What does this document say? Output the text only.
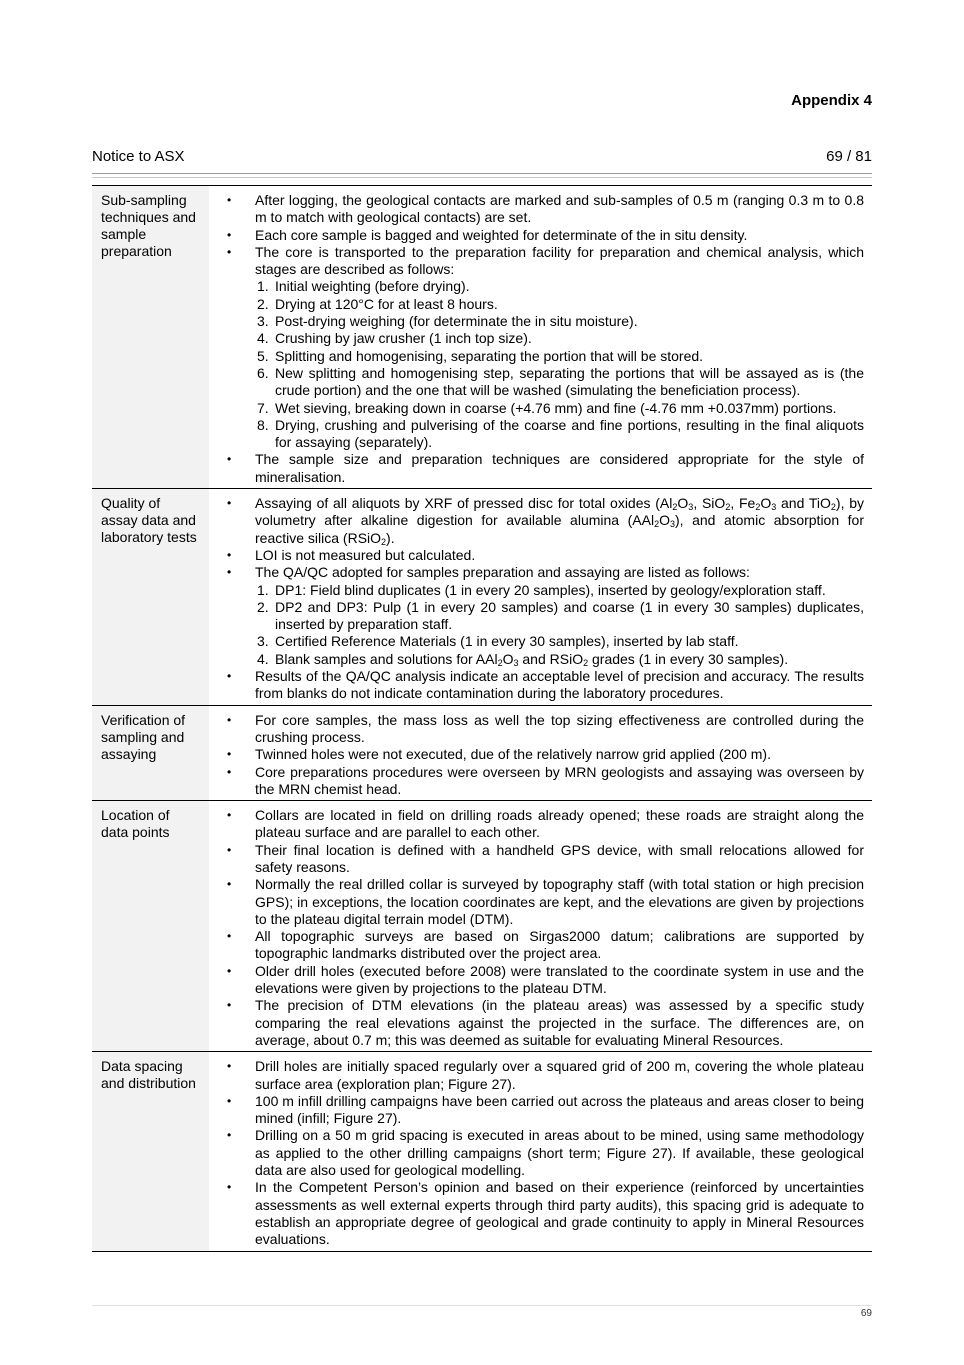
Appendix 4
Notice to ASX	69 / 81
Sub-sampling
techniques and
sample
preparation
• After logging, the geological contacts are marked and sub-samples of 0.5 m (ranging 0.3 m to 0.8 m to match with geological contacts) are set.
• Each core sample is bagged and weighted for determinate of the in situ density.
• The core is transported to the preparation facility for preparation and chemical analysis, which stages are described as follows:
1. Initial weighting (before drying).
2. Drying at 120°C for at least 8 hours.
3. Post-drying weighing (for determinate the in situ moisture).
4. Crushing by jaw crusher (1 inch top size).
5. Splitting and homogenising, separating the portion that will be stored.
6. New splitting and homogenising step, separating the portions that will be assayed as is (the crude portion) and the one that will be washed (simulating the beneficiation process).
7. Wet sieving, breaking down in coarse (+4.76 mm) and fine (-4.76 mm +0.037mm) portions.
8. Drying, crushing and pulverising of the coarse and fine portions, resulting in the final aliquots for assaying (separately).
• The sample size and preparation techniques are considered appropriate for the style of mineralisation.
Quality of
assay data and
laboratory tests
• Assaying of all aliquots by XRF of pressed disc for total oxides ($Al_2O_3$, SiO$_2$, $Fe_2O_3$ and TiO$_2$), by volumetry after alkaline digestion for available alumina $(AAl_2O_3)$, and atomic absorption for reactive silica (RSiO$_2$).
• LOI is not measured but calculated.
• The QA/QC adopted for samples preparation and assaying are listed as follows:
1. DP1: Field blind duplicates (1 in every 20 samples), inserted by geology/exploration staff.
2. DP2 and DP3: Pulp (1 in every 20 samples) and coarse (1 in every 30 samples) duplicates, inserted by preparation staff.
3. Certified Reference Materials (1 in every 30 samples), inserted by lab staff.
4. Blank samples and solutions for $AAl_2O_3$ and RSiO$_2$ grades (1 in every 30 samples).
• Results of the QA/QC analysis indicate an acceptable level of precision and accuracy. The results from blanks do not indicate contamination during the laboratory procedures.
Verification of
sampling and
assaying
• For core samples, the mass loss as well the top sizing effectiveness are controlled during the crushing process.
• Twinned holes were not executed, due of the relatively narrow grid applied (200 m).
• Core preparations procedures were overseen by MRN geologists and assaying was overseen by the MRN chemist head.
Location of
data points
• Collars are located in field on drilling roads already opened; these roads are straight along the plateau surface and are parallel to each other.
• Their final location is defined with a handheld GPS device, with small relocations allowed for safety reasons.
• Normally the real drilled collar is surveyed by topography staff (with total station or high precision GPS); in exceptions, the location coordinates are kept, and the elevations are given by projections to the plateau digital terrain model (DTM).
• All topographic surveys are based on Sirgas2000 datum; calibrations are supported by topographic landmarks distributed over the project area.
• Older drill holes (executed before 2008) were translated to the coordinate system in use and the elevations were given by projections to the plateau DTM.
• The precision of DTM elevations (in the plateau areas) was assessed by a specific study comparing the real elevations against the projected in the surface. The differences are, on average, about 0.7 m; this was deemed as suitable for evaluating Mineral Resources.
Data spacing
and distribution
• Drill holes are initially spaced regularly over a squared grid of 200 m, covering the whole plateau surface area (exploration plan; Figure 27).
• 100 m infill drilling campaigns have been carried out across the plateaus and areas closer to being mined (infill; Figure 27).
• Drilling on a 50 m grid spacing is executed in areas about to be mined, using same methodology as applied to the other drilling campaigns (short term; Figure 27). If available, these geological data are also used for geological modelling.
• In the Competent Person’s opinion and based on their experience (reinforced by uncertainties assessments as well external experts through third party audits), this spacing grid is adequate to establish an appropriate degree of geological and grade continuity to apply in Mineral Resources evaluations.
69
